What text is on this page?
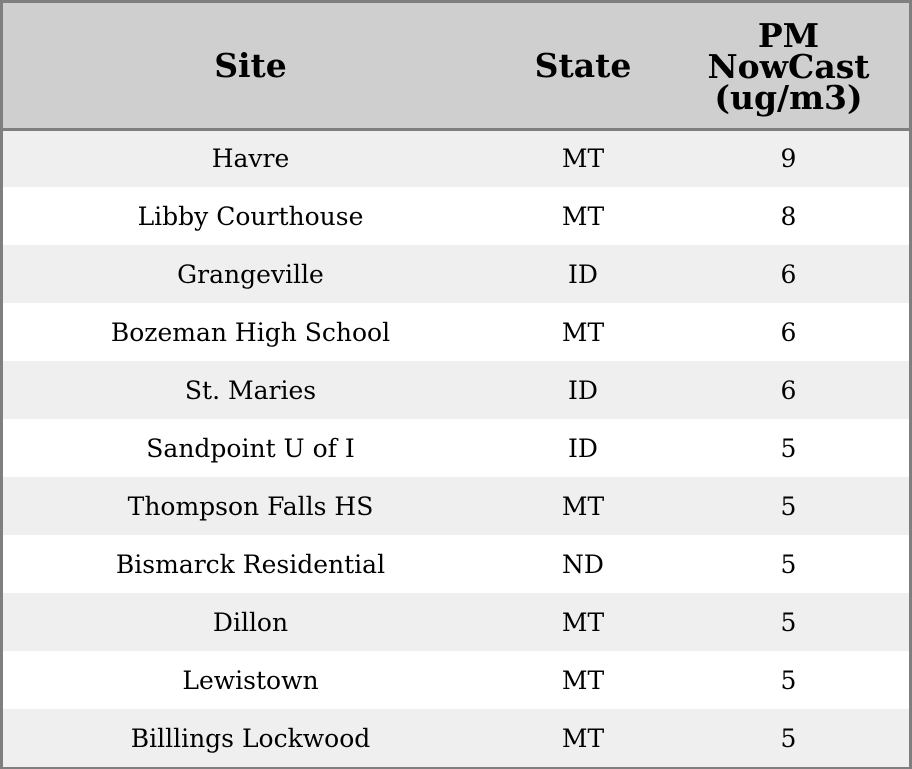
Site	State	PM
NowCast
(ug/m3)
Havre	MT	9
Libby Courthouse	MT	8
Grangeville	ID	6
Bozeman High School	MT	6
St. Maries	ID	6
Sandpoint U of I	ID	5
Thompson Falls HS	MT	5
Bismarck Residential	ND	5
Dillon	MT	5
Lewistown	MT	5
Billlings Lockwood	MT	5
